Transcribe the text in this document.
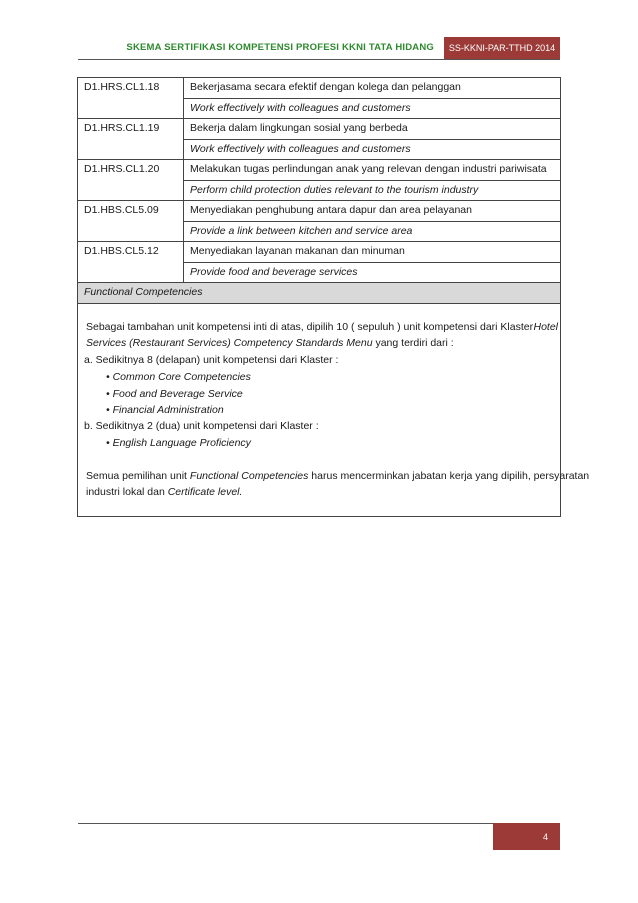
SKEMA SERTIFIKASI KOMPETENSI PROFESI KKNI TATA HIDANG	SS-KKNI-PAR-TTHD 2014
D1.HRS.CL1.18	Bekerjasama secara efektif dengan kolega dan pelanggan
	Work effectively with colleagues and customers
D1.HRS.CL1.19	Bekerja dalam lingkungan sosial yang berbeda
	Work effectively with colleagues and customers
D1.HRS.CL1.20	Melakukan tugas perlindungan anak yang relevan dengan industri pariwisata
	Perform child protection duties relevant to the tourism industry
D1.HBS.CL5.09	Menyediakan penghubung antara dapur dan area pelayanan
	Provide a link between kitchen and service area
D1.HBS.CL5.12	Menyediakan layanan makanan dan minuman
	Provide food and beverage services
Functional Competencies	
Sebagai tambahan unit kompetensi inti di atas, dipilih 10 ( sepuluh ) unit kompetensi dari Klaster Hotel
Services (Restaurant Services) Competency Standards Menu yang terdiri dari :
a. Sedikitnya 8 (delapan) unit kompetensi dari Klaster :
• Common Core Competencies
• Food and Beverage Service
• Financial Administration
b. Sedikitnya 2 (dua) unit kompetensi dari Klaster :
• English Language Proficiency
Semua pemilihan unit Functional Competencies harus mencerminkan jabatan kerja yang dipilih, persyaratan
industri lokal dan Certificate level.
4
